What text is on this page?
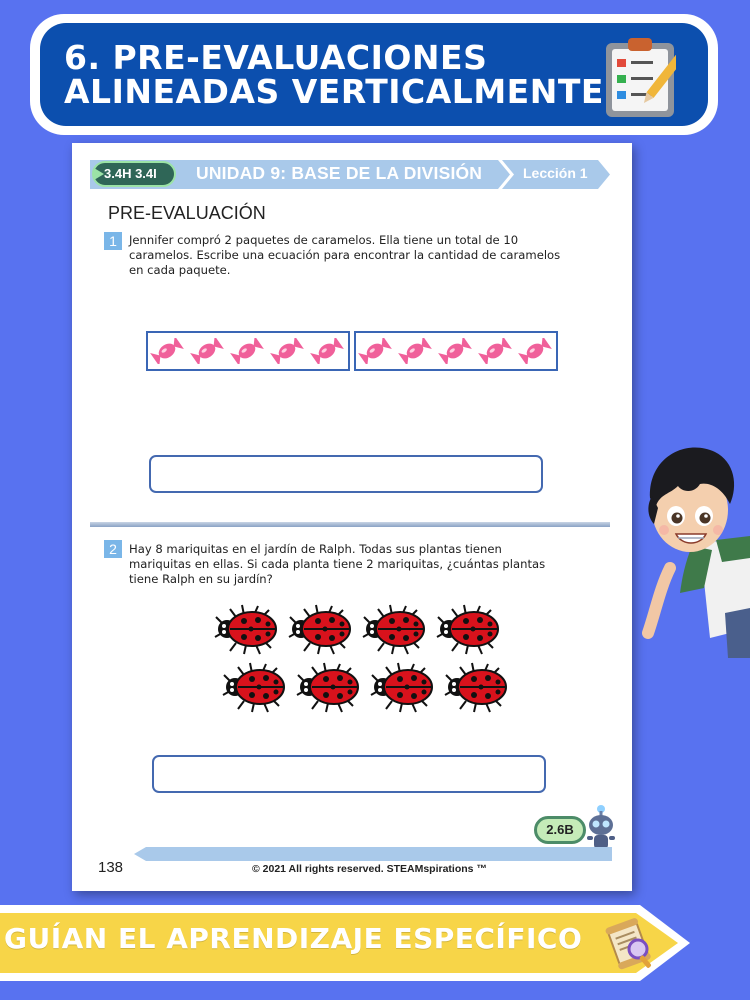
6. PRE-EVALUACIONES
ALINEADAS VERTICALMENTE
3.4H 3.4I UNIDAD 9: BASE DE LA DIVISIÓN	Lección 1
PRE-EVALUACIÓN
1	Jennifer compró 2 paquetes de caramelos. Ella tiene un total de 10
caramelos. Escribe una ecuación para encontrar la cantidad de caramelos
en cada paquete.

2	Hay 8 mariquitas en el jardín de Ralph. Todas sus plantas tienen
mariquitas en ellas. Si cada planta tiene 2 mariquitas, ¿cuántas plantas
tiene Ralph en su jardín?

2.6B
138	© 2021 All rights reserved. STEAMspirations ™
GUÍAN EL APRENDIZAJE ESPECÍFICO
